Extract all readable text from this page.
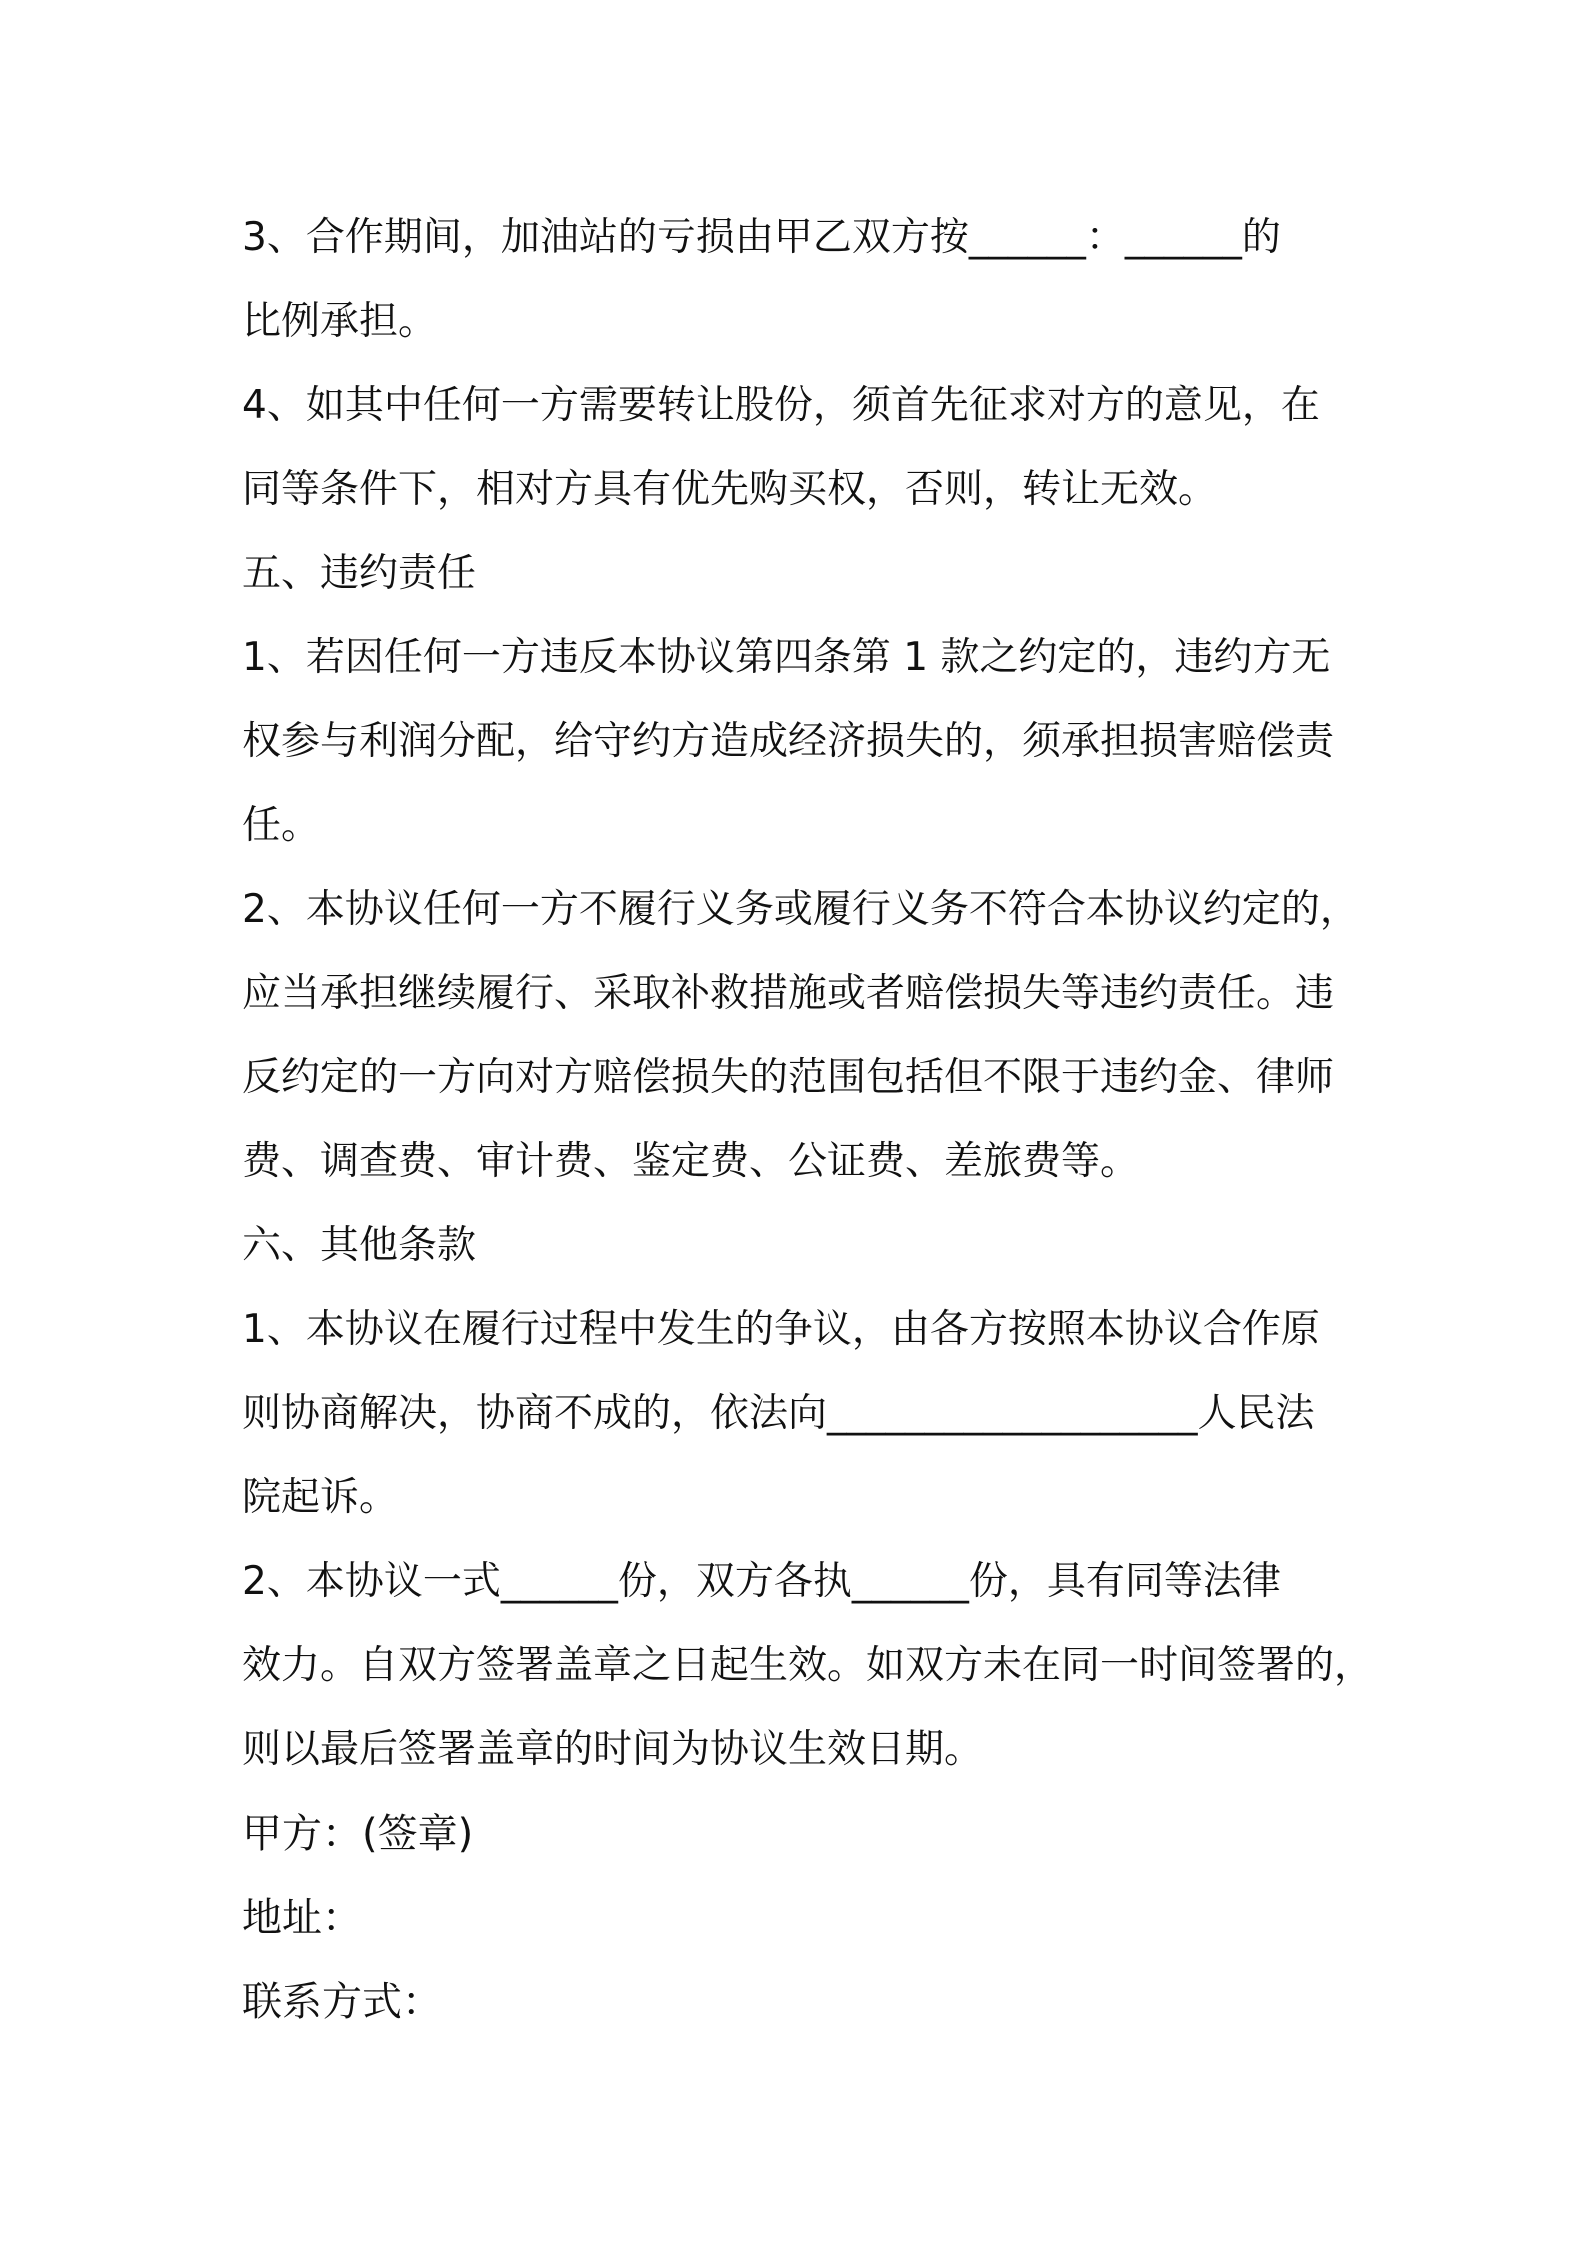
3、合作期间，加油站的亏损由甲乙双方按______：______的
比例承担。

4、如其中任何一方需要转让股份，须首先征求对方的意见，在
同等条件下，相对方具有优先购买权，否则，转让无效。

五、违约责任

1、若因任何一方违反本协议第四条第 1 款之约定的，违约方无
权参与利润分配，给守约方造成经济损失的，须承担损害赔偿责
任。

2、本协议任何一方不履行义务或履行义务不符合本协议约定的，
应当承担继续履行、采取补救措施或者赔偿损失等违约责任。违
反约定的一方向对方赔偿损失的范围包括但不限于违约金、律师
费、调查费、审计费、鉴定费、公证费、差旅费等。

六、其他条款

1、本协议在履行过程中发生的争议，由各方按照本协议合作原
则协商解决，协商不成的，依法向___________________人民法
院起诉。

2、本协议一式______份，双方各执______份，具有同等法律
效力。自双方签署盖章之日起生效。如双方未在同一时间签署的，
则以最后签署盖章的时间为协议生效日期。

甲方：(签章)

地址：

联系方式：
